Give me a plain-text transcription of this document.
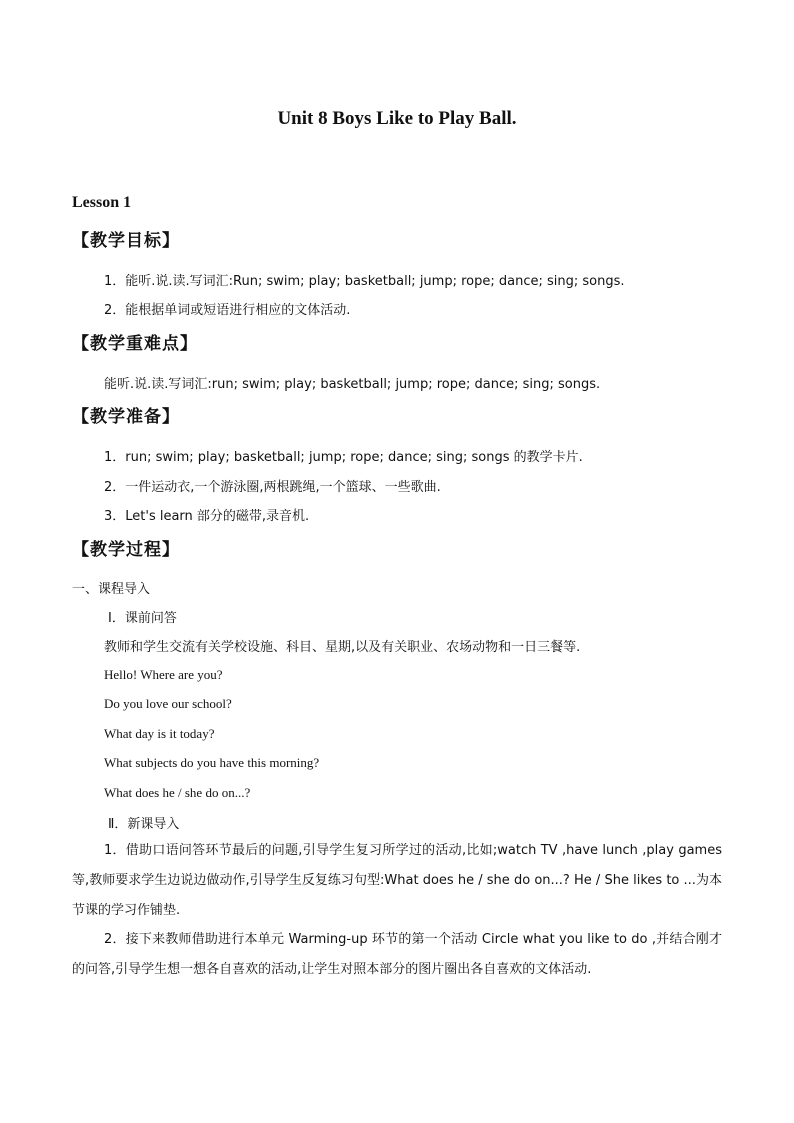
Unit 8 Boys Like to Play Ball.
Lesson 1
【教学目标】
1．能听.说.读.写词汇:Run; swim; play; basketball; jump; rope; dance; sing; songs.
2．能根据单词或短语进行相应的文体活动.
【教学重难点】
能听.说.读.写词汇:run; swim; play; basketball; jump; rope; dance; sing; songs.
【教学准备】
1．run; swim; play; basketball; jump; rope; dance; sing; songs 的教学卡片.
2．一件运动衣,一个游泳圈,两根跳绳,一个篮球、一些歌曲.
3．Let's learn 部分的磁带,录音机.
【教学过程】
一、课程导入
Ⅰ．课前问答
教师和学生交流有关学校设施、科目、星期,以及有关职业、农场动物和一日三餐等.
Hello! Where are you?
Do you love our school?
What day is it today?
What subjects do you have this morning?
What does he / she do on...?
Ⅱ．新课导入
1．借助口语问答环节最后的问题,引导学生复习所学过的活动,比如;watch TV ,have lunch ,play games 等,教师要求学生边说边做动作,引导学生反复练习句型:What does he / she do on...? He / She likes to ...为本节课的学习作铺垫.
2．接下来教师借助进行本单元 Warming-up 环节的第一个活动 Circle what you like to do ,并结合刚才的问答,引导学生想一想各自喜欢的活动,让学生对照本部分的图片圈出各自喜欢的文体活动.
